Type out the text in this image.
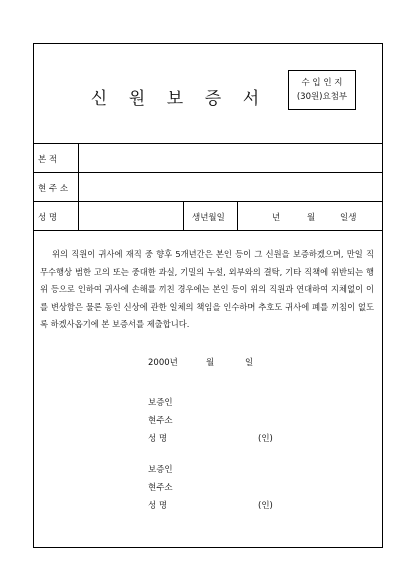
신 원 보 증 서
수 입 인 지
(30원)요첨부
본 적
현 주 소
성 명	생년월일	년	월	일생

위의 직원이 귀사에 재직 중 향후 5개년간은 본인 등이 그 신원을 보증하겠으며, 만일 직무수행상 범한 고의 또는 중대한 과실, 기밀의 누설, 외부와의 결탁, 기타 직책에 위반되는 행위 등으로 인하여 귀사에 손해를 끼친 경우에는 본인 등이 위의 직원과 연대하여 지체없이 이를 변상함은 물론 동인 신상에 관한 일체의 책임을 인수하며 추호도 귀사에 폐를 끼침이 없도록 하겠사옵기에 본 보증서를 제출합니다.

2000년	월	일
보증인
현주소
성 명	(인)
보증인
현주소
성 명	(인)
